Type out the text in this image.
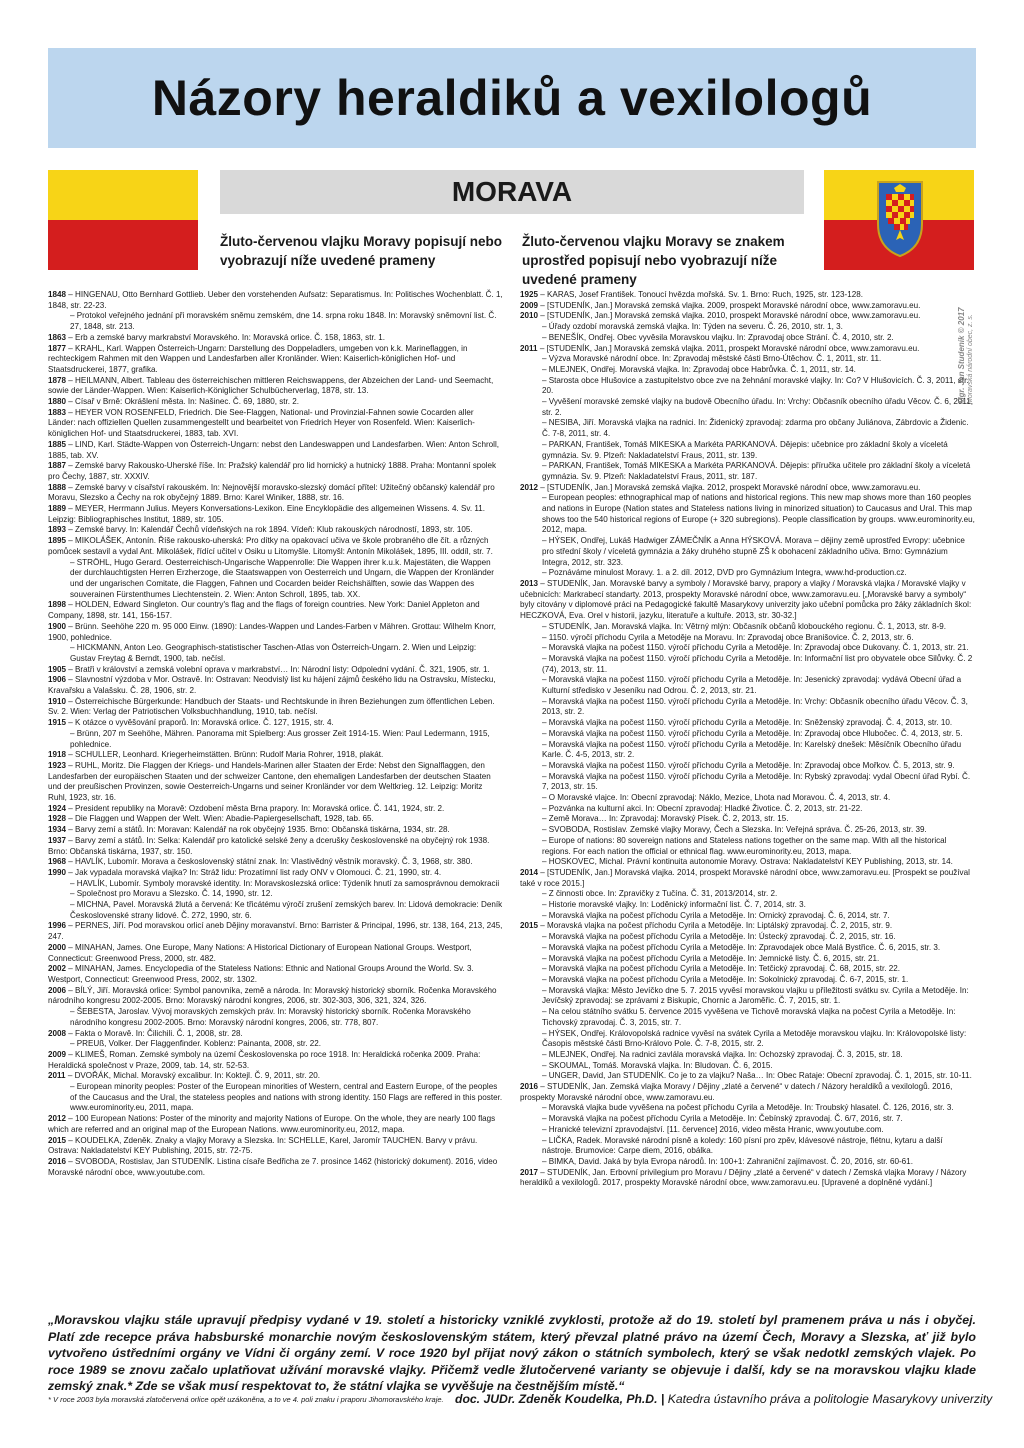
Názory heraldiků a vexilologů
MORAVA
Žluto-červenou vlajku Moravy popisují nebo vyobrazují níže uvedené prameny
Žluto-červenou vlajku Moravy se znakem uprostřed popisují nebo vyobrazují níže uvedené prameny
1848 – HINGENAU, Otto Bernhard Gottlieb. Ueber den vorstehenden Aufsatz: Separatismus. In: Politisches Wochenblatt. Č. 1, 1848, str. 22-23.
– Protokol veřejného jednání při moravském sněmu zemském, dne 14. srpna roku 1848. In: Moravský sněmovní list. Č. 27, 1848, str. 213.
1863 – Erb a zemské barvy markrabství Moravského. In: Moravská orlice. Č. 158, 1863, str. 1.
1877 – KRAHL, Karl. Wappen Österreich-Ungarn: Darstellung des Doppeladlers, umgeben von k.k. Marineflaggen, in rechteckigem Rahmen mit den Wappen und Landesfarben aller Kronländer. Wien: Kaiserlich-königlichen Hof- und Staatsdruckerei, 1877, grafika.
1878 – HEILMANN, Albert. Tableau des österreichischen mittleren Reichswappens, der Abzeichen der Land- und Seemacht, sowie der Länder-Wappen. Wien: Kaiserlich-Königlicher Schulbücherverlag, 1878, str. 13.
1880 – Císař v Brně: Okrášlení města. In: Našinec. Č. 69, 1880, str. 2.
1883 – HEYER VON ROSENFELD, Friedrich. Die See-Flaggen, National- und Provinzial-Fahnen sowie Cocarden aller Länder: nach offiziellen Quellen zusammengestellt und bearbeitet von Friedrich Heyer von Rosenfeld. Wien: Kaiserlich-königlichen Hof- und Staatsdruckerei, 1883, tab. XVI.
1885 – LIND, Karl. Städte-Wappen von Österreich-Ungarn: nebst den Landeswappen und Landesfarben. Wien: Anton Schroll, 1885, tab. XV.
1887 – Zemské barvy Rakousko-Uherské říše. In: Pražský kalendář pro lid hornický a hutnický 1888. Praha: Montanní spolek pro Čechy, 1887, str. XXXIV.
1888 – Zemské barvy v císařství rakouském. In: Nejnovější moravsko-slezský domácí přítel: Užitečný občanský kalendář pro Moravu, Slezsko a Čechy na rok obyčejný 1889. Brno: Karel Winiker, 1888, str. 16.
1889 – MEYER, Herrmann Julius. Meyers Konversations-Lexikon. Eine Encyklopädie des allgemeinen Wissens. 4. Sv. 11. Leipzig: Bibliographisches Institut, 1889, str. 105.
1893 – Zemské barvy. In: Kalendář Čechů vídeňských na rok 1894. Vídeň: Klub rakouských národností, 1893, str. 105.
1895 – MIKOLÁŠEK, Antonín. Říše rakousko-uherská: Pro dítky na opakovací učiva ve škole probraného dle čít. a různých pomůcek sestavil a vydal Ant. Mikolášek, řídící učitel v Osiku u Litomyšle. Litomyšl: Antonín Mikolášek, 1895, III. oddíl, str. 7.
– STRÖHL, Hugo Gerard. Oesterreichisch-Ungarische Wappenrolle: Die Wappen ihrer k.u.k. Majestäten, die Wappen der durchlauchtigsten Herren Erzherzoge, die Staatswappen von Oesterreich und Ungarn, die Wappen der Kronländer und der ungarischen Comitate, die Flaggen, Fahnen und Cocarden beider Reichshälften, sowie das Wappen des souverainen Fürstenthumes Liechtenstein. 2. Wien: Anton Schroll, 1895, tab. XX.
1898 – HOLDEN, Edward Singleton. Our country's flag and the flags of foreign countries. New York: Daniel Appleton and Company, 1898, str. 141, 156-157.
1900 – Brünn. Seehöhe 220 m. 95 000 Einw. (1890): Landes-Wappen und Landes-Farben v Mähren. Grottau: Wilhelm Knorr, 1900, pohlednice.
– HICKMANN, Anton Leo. Geographisch-statistischer Taschen-Atlas von Österreich-Ungarn. 2. Wien und Leipzig: Gustav Freytag & Berndt, 1900, tab. nečísl.
1905 – Bratři v království a zemská volební oprava v markrabství… In: Národní listy: Odpolední vydání. Č. 321, 1905, str. 1.
1906 – Slavnostní výzdoba v Mor. Ostravě. In: Ostravan: Neodvislý list ku hájení zájmů českého lidu na Ostravsku, Místecku, Kravařsku a Valašsku. Č. 28, 1906, str. 2.
1910 – Österreichische Bürgerkunde: Handbuch der Staats- und Rechtskunde in ihren Beziehungen zum öffentlichen Leben. Sv. 2. Wien: Verlag der Patriotischen Volksbuchhandlung, 1910, tab. nečísl.
1915 – K otázce o vyvěšování praporů. In: Moravská orlice. Č. 127, 1915, str. 4.
– Brünn, 207 m Seehöhe, Mähren. Panorama mit Spielberg: Aus grosser Zeit 1914-15. Wien: Paul Ledermann, 1915, pohlednice.
1918 – SCHULLER, Leonhard. Kriegerheimstätten. Brünn: Rudolf Maria Rohrer, 1918, plakát.
1923 – RUHL, Moritz. Die Flaggen der Kriegs- und Handels-Marinen aller Staaten der Erde: Nebst den Signalflaggen, den Landesfarben der europäischen Staaten und der schweizer Cantone, den ehemaligen Landesfarben der deutschen Staaten und der preußischen Provinzen, sowie Oesterreich-Ungarns und seiner Kronländer vor dem Weltkrieg. 12. Leipzig: Moritz Ruhl, 1923, str. 16.
1924 – President republiky na Moravě: Ozdobení města Brna prapory. In: Moravská orlice. Č. 141, 1924, str. 2.
1928 – Die Flaggen und Wappen der Welt. Wien: Abadie-Papiergesellschaft, 1928, tab. 65.
1934 – Barvy zemí a států. In: Moravan: Kalendář na rok obyčejný 1935. Brno: Občanská tiskárna, 1934, str. 28.
1937 – Barvy zemí a států. In: Selka: Kalendář pro katolické selské ženy a dcerušky československé na obyčejný rok 1938. Brno: Občanská tiskárna, 1937, str. 150.
1968 – HAVLÍK, Lubomír. Morava a československý státní znak. In: Vlastivědný věstník moravský. Č. 3, 1968, str. 380.
1990 – Jak vypadala moravská vlajka? In: Stráž lidu: Prozatímní list rady ONV v Olomouci. Č. 21, 1990, str. 4.
– HAVLÍK, Lubomír. Symboly moravské identity. In: Moravskoslezská orlice: Týdeník hnutí za samosprávnou demokracii – Společnost pro Moravu a Slezsko. Č. 14, 1990, str. 12.
– MICHNA, Pavel. Moravská žlutá a červená: Ke třicátému výročí zrušení zemských barev. In: Lidová demokracie: Deník Československé strany lidové. Č. 272, 1990, str. 6.
1996 – PERNES, Jiří. Pod moravskou orlicí aneb Dějiny moravanství. Brno: Barrister & Principal, 1996, str. 138, 164, 213, 245, 247.
2000 – MINAHAN, James. One Europe, Many Nations: A Historical Dictionary of European National Groups. Westport, Connecticut: Greenwood Press, 2000, str. 482.
2002 – MINAHAN, James. Encyclopedia of the Stateless Nations: Ethnic and National Groups Around the World. Sv. 3. Westport, Connecticut: Greenwood Press, 2002, str. 1302.
2006 – BÍLÝ, Jiří. Moravská orlice: Symbol panovníka, země a národa. In: Moravský historický sborník. Ročenka Moravského národního kongresu 2002-2005. Brno: Moravský národní kongres, 2006, str. 302-303, 306, 321, 324, 326.
– ŠEBESTA, Jaroslav. Vývoj moravských zemských práv. In: Moravský historický sborník. Ročenka Moravského národního kongresu 2002-2005. Brno: Moravský národní kongres, 2006, str. 778, 807.
2008 – Fakta o Moravě. In: Čilichili. Č. 1, 2008, str. 28.
– PREUß, Volker. Der Flaggenfinder. Koblenz: Painanta, 2008, str. 22.
2009 – KLIMEŠ, Roman. Zemské symboly na území Československa po roce 1918. In: Heraldická ročenka 2009. Praha: Heraldická společnost v Praze, 2009, tab. 14, str. 52-53.
2011 – DVOŘÁK, Michal. Moravský excalibur. In: Koktejl. Č. 9, 2011, str. 20.
– European minority peoples: Poster of the European minorities of Western, central and Eastern Europe, of the peoples of the Caucasus and the Ural, the stateless peoples and nations with strong identity. 150 Flags are reffered in this poster. www.eurominority.eu, 2011, mapa.
2012 – 100 European Nations: Poster of the minority and majority Nations of Europe. On the whole, they are nearly 100 flags which are referred and an original map of the European Nations. www.eurominority.eu, 2012, mapa.
2015 – KOUDELKA, Zdeněk. Znaky a vlajky Moravy a Slezska. In: SCHELLE, Karel, Jaromír TAUCHEN. Barvy v právu. Ostrava: Nakladatelství KEY Publishing, 2015, str. 72-75.
2016 – SVOBODA, Rostislav, Jan STUDENÍK. Listina císaře Bedřicha ze 7. prosince 1462 (historický dokument). 2016, video Moravské národní obce, www.youtube.com.
1925 – KARAS, Josef František. Tonoucí hvězda mořská. Sv. 1. Brno: Ruch, 1925, str. 123-128.
2009 – [STUDENÍK, Jan.] Moravská zemská vlajka. 2009, prospekt Moravské národní obce, www.zamoravu.eu.
2010 – [STUDENÍK, Jan.] Moravská zemská vlajka. 2010, prospekt Moravské národní obce, www.zamoravu.eu.
– Úřady ozdobí moravská zemská vlajka. In: Týden na severu. Č. 26, 2010, str. 1, 3.
– BENEŠÍK, Ondřej. Obec vyvěsila Moravskou vlajku. In: Zpravodaj obce Strání. Č. 4, 2010, str. 2.
2011 – [STUDENÍK, Jan.] Moravská zemská vlajka. 2011, prospekt Moravské národní obce, www.zamoravu.eu.
– Výzva Moravské národní obce. In: Zpravodaj městské části Brno-Útěchov. Č. 1, 2011, str. 11.
– MLEJNEK, Ondřej. Moravská vlajka. In: Zpravodaj obce Habrůvka. Č. 1, 2011, str. 14.
– Starosta obce Hlušovice a zastupitelstvo obce zve na žehnání moravské vlajky. In: Co? V Hlušovicích. Č. 3, 2011, str. 20.
– Vyvěšení moravské zemské vlajky na budově Obecního úřadu. In: Vrchy: Občasník obecního úřadu Věcov. Č. 6, 2011, str. 2.
– NESIBA, Jiří. Moravská vlajka na radnici. In: Židenický zpravodaj: zdarma pro občany Juliánova, Zábrdovic a Židenic. Č. 7-8, 2011, str. 4.
– PARKAN, František, Tomáš MIKESKA a Markéta PARKANOVÁ. Dějepis: učebnice pro základní školy a víceletá gymnázia. Sv. 9. Plzeň: Nakladatelství Fraus, 2011, str. 139.
– PARKAN, František, Tomáš MIKESKA a Markéta PARKANOVÁ. Dějepis: příručka učitele pro základní školy a víceletá gymnázia. Sv. 9. Plzeň: Nakladatelství Fraus, 2011, str. 187.
2012 – [STUDENÍK, Jan.] Moravská zemská vlajka. 2012, prospekt Moravské národní obce, www.zamoravu.eu.
– European peoples: ethnographical map of nations and historical regions. This new map shows more than 160 peoples and nations in Europe (Nation states and Stateless nations living in minorized situation) to Caucasus and Ural. This map shows too the 540 historical regions of Europe (+ 320 subregions). People classification by groups. www.eurominority.eu, 2012, mapa.
– HÝSEK, Ondřej, Lukáš Hadwiger ZÁMEČNÍK a Anna HÝSKOVÁ. Morava – dějiny země uprostřed Evropy: učebnice pro střední školy / víceletá gymnázia a žáky druhého stupně ZŠ k obohacení základního učiva. Brno: Gymnázium Integra, 2012, str. 323.
– Poznáváme minulost Moravy. 1. a 2. díl. 2012, DVD pro Gymnázium Integra, www.hd-production.cz.
2013 – STUDENÍK, Jan. Moravské barvy a symboly / Moravské barvy, prapory a vlajky / Moravská vlajka / Moravské vlajky v učebnicích: Markrabecí standarty. 2013, prospekty Moravské národní obce, www.zamoravu.eu. [„Moravské barvy a symboly“ byly citovány v diplomové práci na Pedagogické fakultě Masarykovy univerzity jako učební pomůcka pro žáky základních škol: HECZKOVÁ, Eva. Orel v historii, jazyku, literatuře a kultuře. 2013, str. 30-32.]
– STUDENÍK, Jan. Moravská vlajka. In: Větrný mlýn: Občasník občanů klobouckého regionu. Č. 1, 2013, str. 8-9.
– 1150. výročí příchodu Cyrila a Metoděje na Moravu. In: Zpravodaj obce Branišovice. Č. 2, 2013, str. 6.
– Moravská vlajka na počest 1150. výročí příchodu Cyrila a Metoděje. In: Zpravodaj obce Dukovany. Č. 1, 2013, str. 21.
– Moravská vlajka na počest 1150. výročí příchodu Cyrila a Metoděje. In: Informační list pro obyvatele obce Silůvky. Č. 2 (74), 2013, str. 11.
– Moravská vlajka na počest 1150. výročí příchodu Cyrila a Metoděje. In: Jesenický zpravodaj: vydává Obecní úřad a Kulturní středisko v Jeseníku nad Odrou. Č. 2, 2013, str. 21.
– Moravská vlajka na počest 1150. výročí příchodu Cyrila a Metoděje. In: Vrchy: Občasník obecního úřadu Věcov. Č. 3, 2013, str. 2.
– Moravská vlajka na počest 1150. výročí příchodu Cyrila a Metoděje. In: Sněženský zpravodaj. Č. 4, 2013, str. 10.
– Moravská vlajka na počest 1150. výročí příchodu Cyrila a Metoděje. In: Zpravodaj obce Hlubočec. Č. 4, 2013, str. 5.
– Moravská vlajka na počest 1150. výročí příchodu Cyrila a Metoděje. In: Karelský dnešek: Měsíčník Obecního úřadu Karle. Č. 4-5, 2013, str. 2.
– Moravská vlajka na počest 1150. výročí příchodu Cyrila a Metoděje. In: Zpravodaj obce Mořkov. Č. 5, 2013, str. 9.
– Moravská vlajka na počest 1150. výročí příchodu Cyrila a Metoděje. In: Rybský zpravodaj: vydal Obecní úřad Rybí. Č. 7, 2013, str. 15.
– O Moravské vlajce. In: Obecní zpravodaj: Náklo, Mezice, Lhota nad Moravou. Č. 4, 2013, str. 4.
– Pozvánka na kulturní akci. In: Obecní zpravodaj: Hladké Životice. Č. 2, 2013, str. 21-22.
– Země Morava… In: Zpravodaj: Moravský Písek. Č. 2, 2013, str. 15.
– SVOBODA, Rostislav. Zemské vlajky Moravy, Čech a Slezska. In: Veřejná správa. Č. 25-26, 2013, str. 39.
– Europe of nations: 80 sovereign nations and Stateless nations together on the same map. With all the historical regions. For each nation the official or ethnical flag. www.eurominority.eu, 2013, mapa.
– HOSKOVEC, Michal. Právní kontinuita autonomie Moravy. Ostrava: Nakladatelství KEY Publishing, 2013, str. 14.
2014 – [STUDENÍK, Jan.] Moravská vlajka. 2014, prospekt Moravské národní obce, www.zamoravu.eu. [Prospekt se používal také v roce 2015.]
– Z činnosti obce. In: Zpravičky z Tučína. Č. 31, 2013/2014, str. 2.
– Historie moravské vlajky. In: Loděnický informační list. Č. 7, 2014, str. 3.
– Moravská vlajka na počest příchodu Cyrila a Metoděje. In: Ornický zpravodaj. Č. 6, 2014, str. 7.
2015 – Moravská vlajka na počest příchodu Cyrila a Metoděje. In: Liptálský zpravodaj. Č. 2, 2015, str. 9.
– Moravská vlajka na počest příchodu Cyrila a Metoděje. In: Ústecký zpravodaj. Č. 2, 2015, str. 16.
– Moravská vlajka na počest příchodu Cyrila a Metoděje. In: Zpravodajek obce Malá Bystřice. Č. 6, 2015, str. 3.
– Moravská vlajka na počest příchodu Cyrila a Metoděje. In: Jemnické listy. Č. 6, 2015, str. 21.
– Moravská vlajka na počest příchodu Cyrila a Metoděje. In: Tetčický zpravodaj. Č. 68, 2015, str. 22.
– Moravská vlajka na počest příchodu Cyrila a Metoděje. In: Sokolnický zpravodaj. Č. 6-7, 2015, str. 1.
– Moravská vlajka: Město Jevíčko dne 5. 7. 2015 vyvěsí moravskou vlajku u příležitosti svátku sv. Cyrila a Metoděje. In: Jevíčský zpravodaj: se zprávami z Biskupic, Chornic a Jaroměřic. Č. 7, 2015, str. 1.
– Na celou státního svátku 5. července 2015 vyvěšena ve Tichově moravská vlajka na počest Cyrila a Metoděje. In: Tichovský zpravodaj. Č. 3, 2015, str. 7.
– HÝSEK, Ondřej. Královopolská radnice vyvěsí na svátek Cyrila a Metoděje moravskou vlajku. In: Královopolské listy: Časopis městské části Brno-Královo Pole. Č. 7-8, 2015, str. 2.
– MLEJNEK, Ondřej. Na radnici zavlála moravská vlajka. In: Ochozský zpravodaj. Č. 3, 2015, str. 18.
– SKOUMAL, Tomáš. Moravská vlajka. In: Bludovan. Č. 6, 2015.
– UNGER, David, Jan STUDENÍK. Co je to za vlajku? Naša… In: Obec Rataje: Obecní zpravodaj. Č. 1, 2015, str. 10-11.
2016 – STUDENÍK, Jan. Zemská vlajka Moravy / Dějiny „zlaté a červené“ v datech / Názory heraldiků a vexilologů. 2016, prospekty Moravské národní obce, www.zamoravu.eu.
– Moravská vlajka bude vyvěšena na počest příchodu Cyrila a Metoděje. In: Troubský hlasatel. Č. 126, 2016, str. 3.
– Moravská vlajka na počest příchodu Cyrila a Metoděje. In: Čebínský zpravodaj. Č. 6/7, 2016, str. 7.
– Hranické televizní zpravodajství. [11. července] 2016, video města Hranic, www.youtube.com.
– LIČKA, Radek. Moravské národní písně a koledy: 160 písní pro zpěv, klávesové nástroje, flétnu, kytaru a další nástroje. Brumovice: Carpe diem, 2016, obálka.
– BIMKA, David. Jaká by byla Evropa národů. In: 100+1: Zahraniční zajímavost. Č. 20, 2016, str. 60-61.
2017 – STUDENÍK, Jan. Erbovní privilegium pro Moravu / Dějiny „zlaté a červené“ v datech / Zemská vlajka Moravy / Názory heraldiků a vexilologů. 2017, prospekty Moravské národní obce, www.zamoravu.eu. [Upravené a doplněné vydání.]
Mgr. Jan Studeník © 2017 Moravská národní obec, z. s.
„Moravskou vlajku stále upravují předpisy vydané v 19. století a historicky vzniklé zvyklosti, protože až do 19. století byl pramenem práva u nás i obyčej. Platí zde recepce práva habsburské monarchie novým československým státem, který převzal platné právo na území Čech, Moravy a Slezska, ať již bylo vytvořeno ústředními orgány ve Vídni či orgány zemí. V roce 1920 byl přijat nový zákon o státních symbolech, který se však nedotkl zemských vlajek. Po roce 1989 se znovu začalo uplatňovat užívání moravské vlajky. Přičemž vedle žlutočervené varianty se objevuje i další, kdy se na moravskou vlajku klade zemský znak.* Zde se však musí respektovat to, že státní vlajka se vyvěšuje na čestnějším místě.“
* V roce 2003 byla moravská zlatočervená orlice opět uzákoněna, a to ve 4. poli znaku i praporu Jihomoravského kraje. doc. JUDr. Zdeněk Koudelka, Ph.D. | Katedra ústavního práva a politologie Masarykovy univerzity
